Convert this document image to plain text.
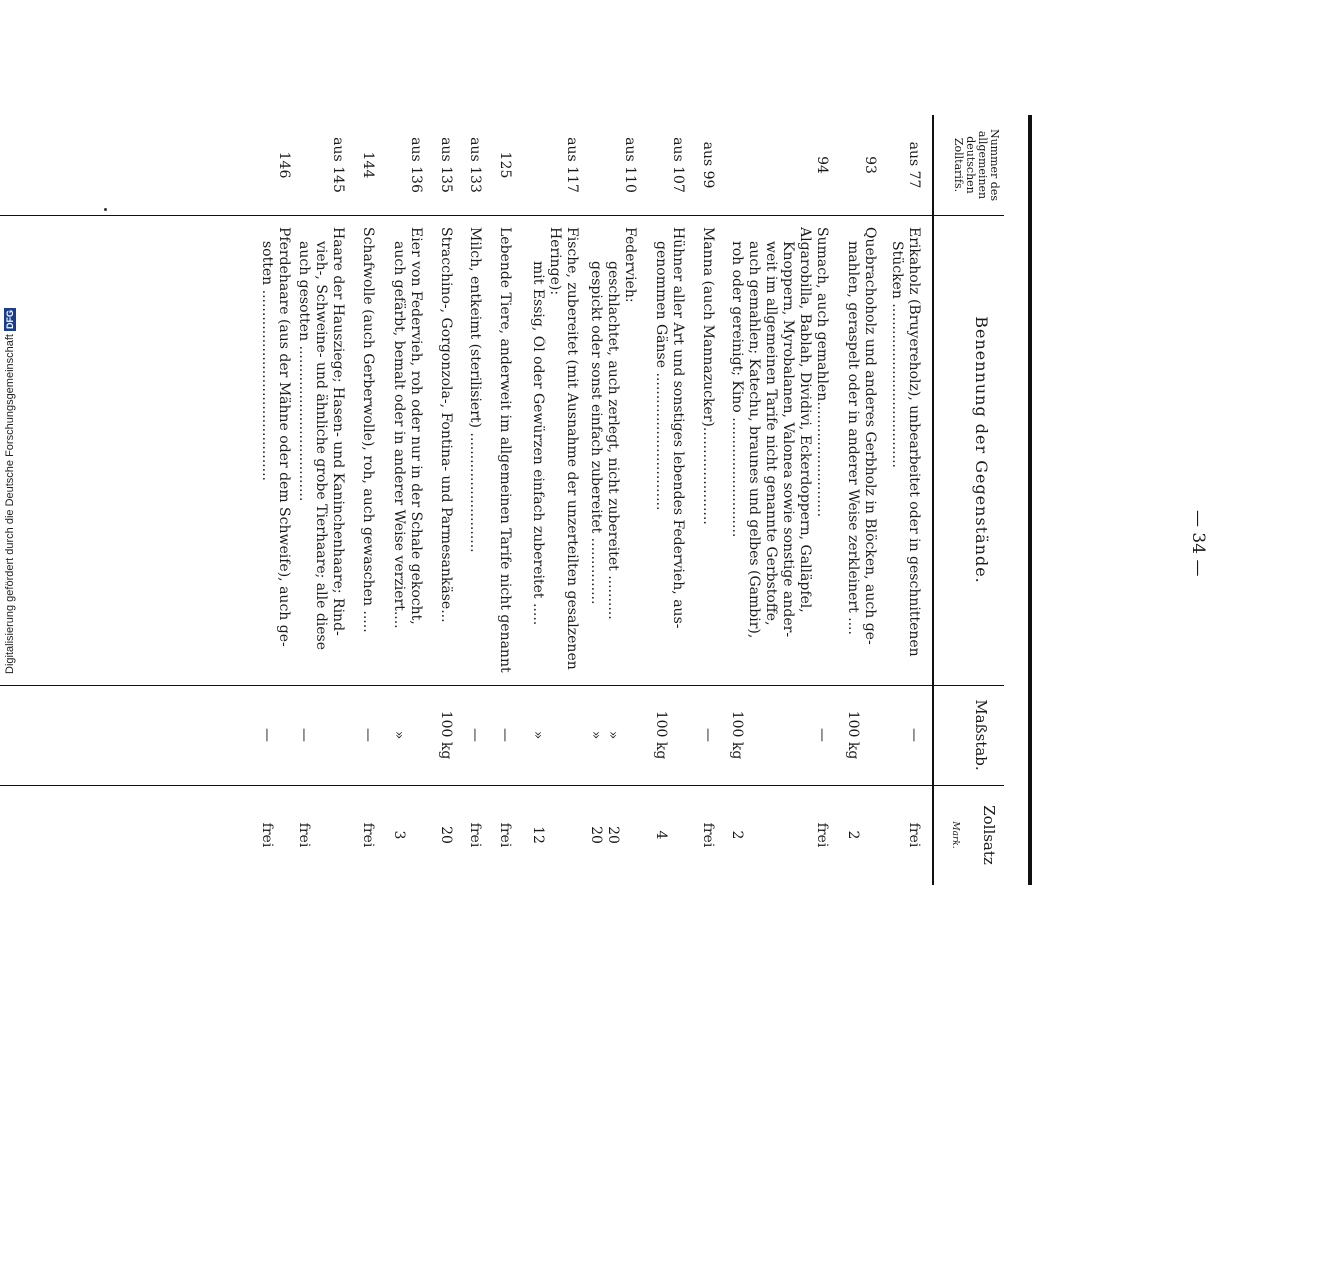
— 34 —
Nummer des allgemeinen deutschen Zolltarifs.
Benennung der Gegenstände.
Maßstab.
Zollsatz
Mark.
aus 77
Erikaholz (Bruyereholz), unbearbeitet oder in geschnittenen
Stücken .....................................
—
frei
93
Quebrachoholz und anderes Gerbholz in Blöcken, auch ge-
mahlen, geraspelt oder in anderer Weise zerkleinert ....
100 kg
2
94
Sumach, auch gemahlen..........................
Algarobilla, Bablah, Dividivi, Eckerdoppern, Galläpfel,
Knoppern, Myrobalanen, Valonea sowie sonstige ander-
weit im allgemeinen Tarife nicht genannte Gerbstoffe,
auch gemahlen; Katechu, braunes und gelbes (Gambir),
roh oder gereinigt; Kino ...........................
—
frei
100 kg
2
aus 99
Manna (auch Mannazucker)......................
—
frei
aus 107
Hühner aller Art und sonstiges lebendes Federvieh, aus-
genommen Gänse ...............................
100 kg
4
aus 110
Federvieh:
geschlachtet, auch zerlegt, nicht zubereitet ..........
gespickt oder sonst einfach zubereitet ...............
»
20
»
20
aus 117
Fische, zubereitet (mit Ausnahme der unzerteilten gesalzenen
Heringe):
mit Essig, Öl oder Gewürzen einfach zubereitet .....
»
12
125
Lebende Tiere, anderweit im allgemeinen Tarife nicht genannt
—
frei
aus 133
Milch, entkeimt (sterilisiert) ...........................
—
frei
aus 135
Stracchino-, Gorgonzola-, Fontina- und Parmesankäse...
100 kg
20
aus 136
Eier von Federvieh, roh oder nur in der Schale gekocht,
auch gefärbt, bemalt oder in anderer Weise verziert....
»
3
144
Schafwolle (auch Gerberwolle), roh, auch gewaschen .....
—
frei
aus 145
Haare der Hausziege; Hasen- und Kaninchenhaare; Rind-
vieh-, Schweine- und ähnliche grobe Tierhaare; alle diese
auch gesotten ...................................
—
frei
146
Pferdehaare (aus der Mähne oder dem Schweife), auch ge-
sotten ...........................................
—
frei
Digitalisierung gefördert durch die Deutsche ForschungsgemeinschaftDFG
